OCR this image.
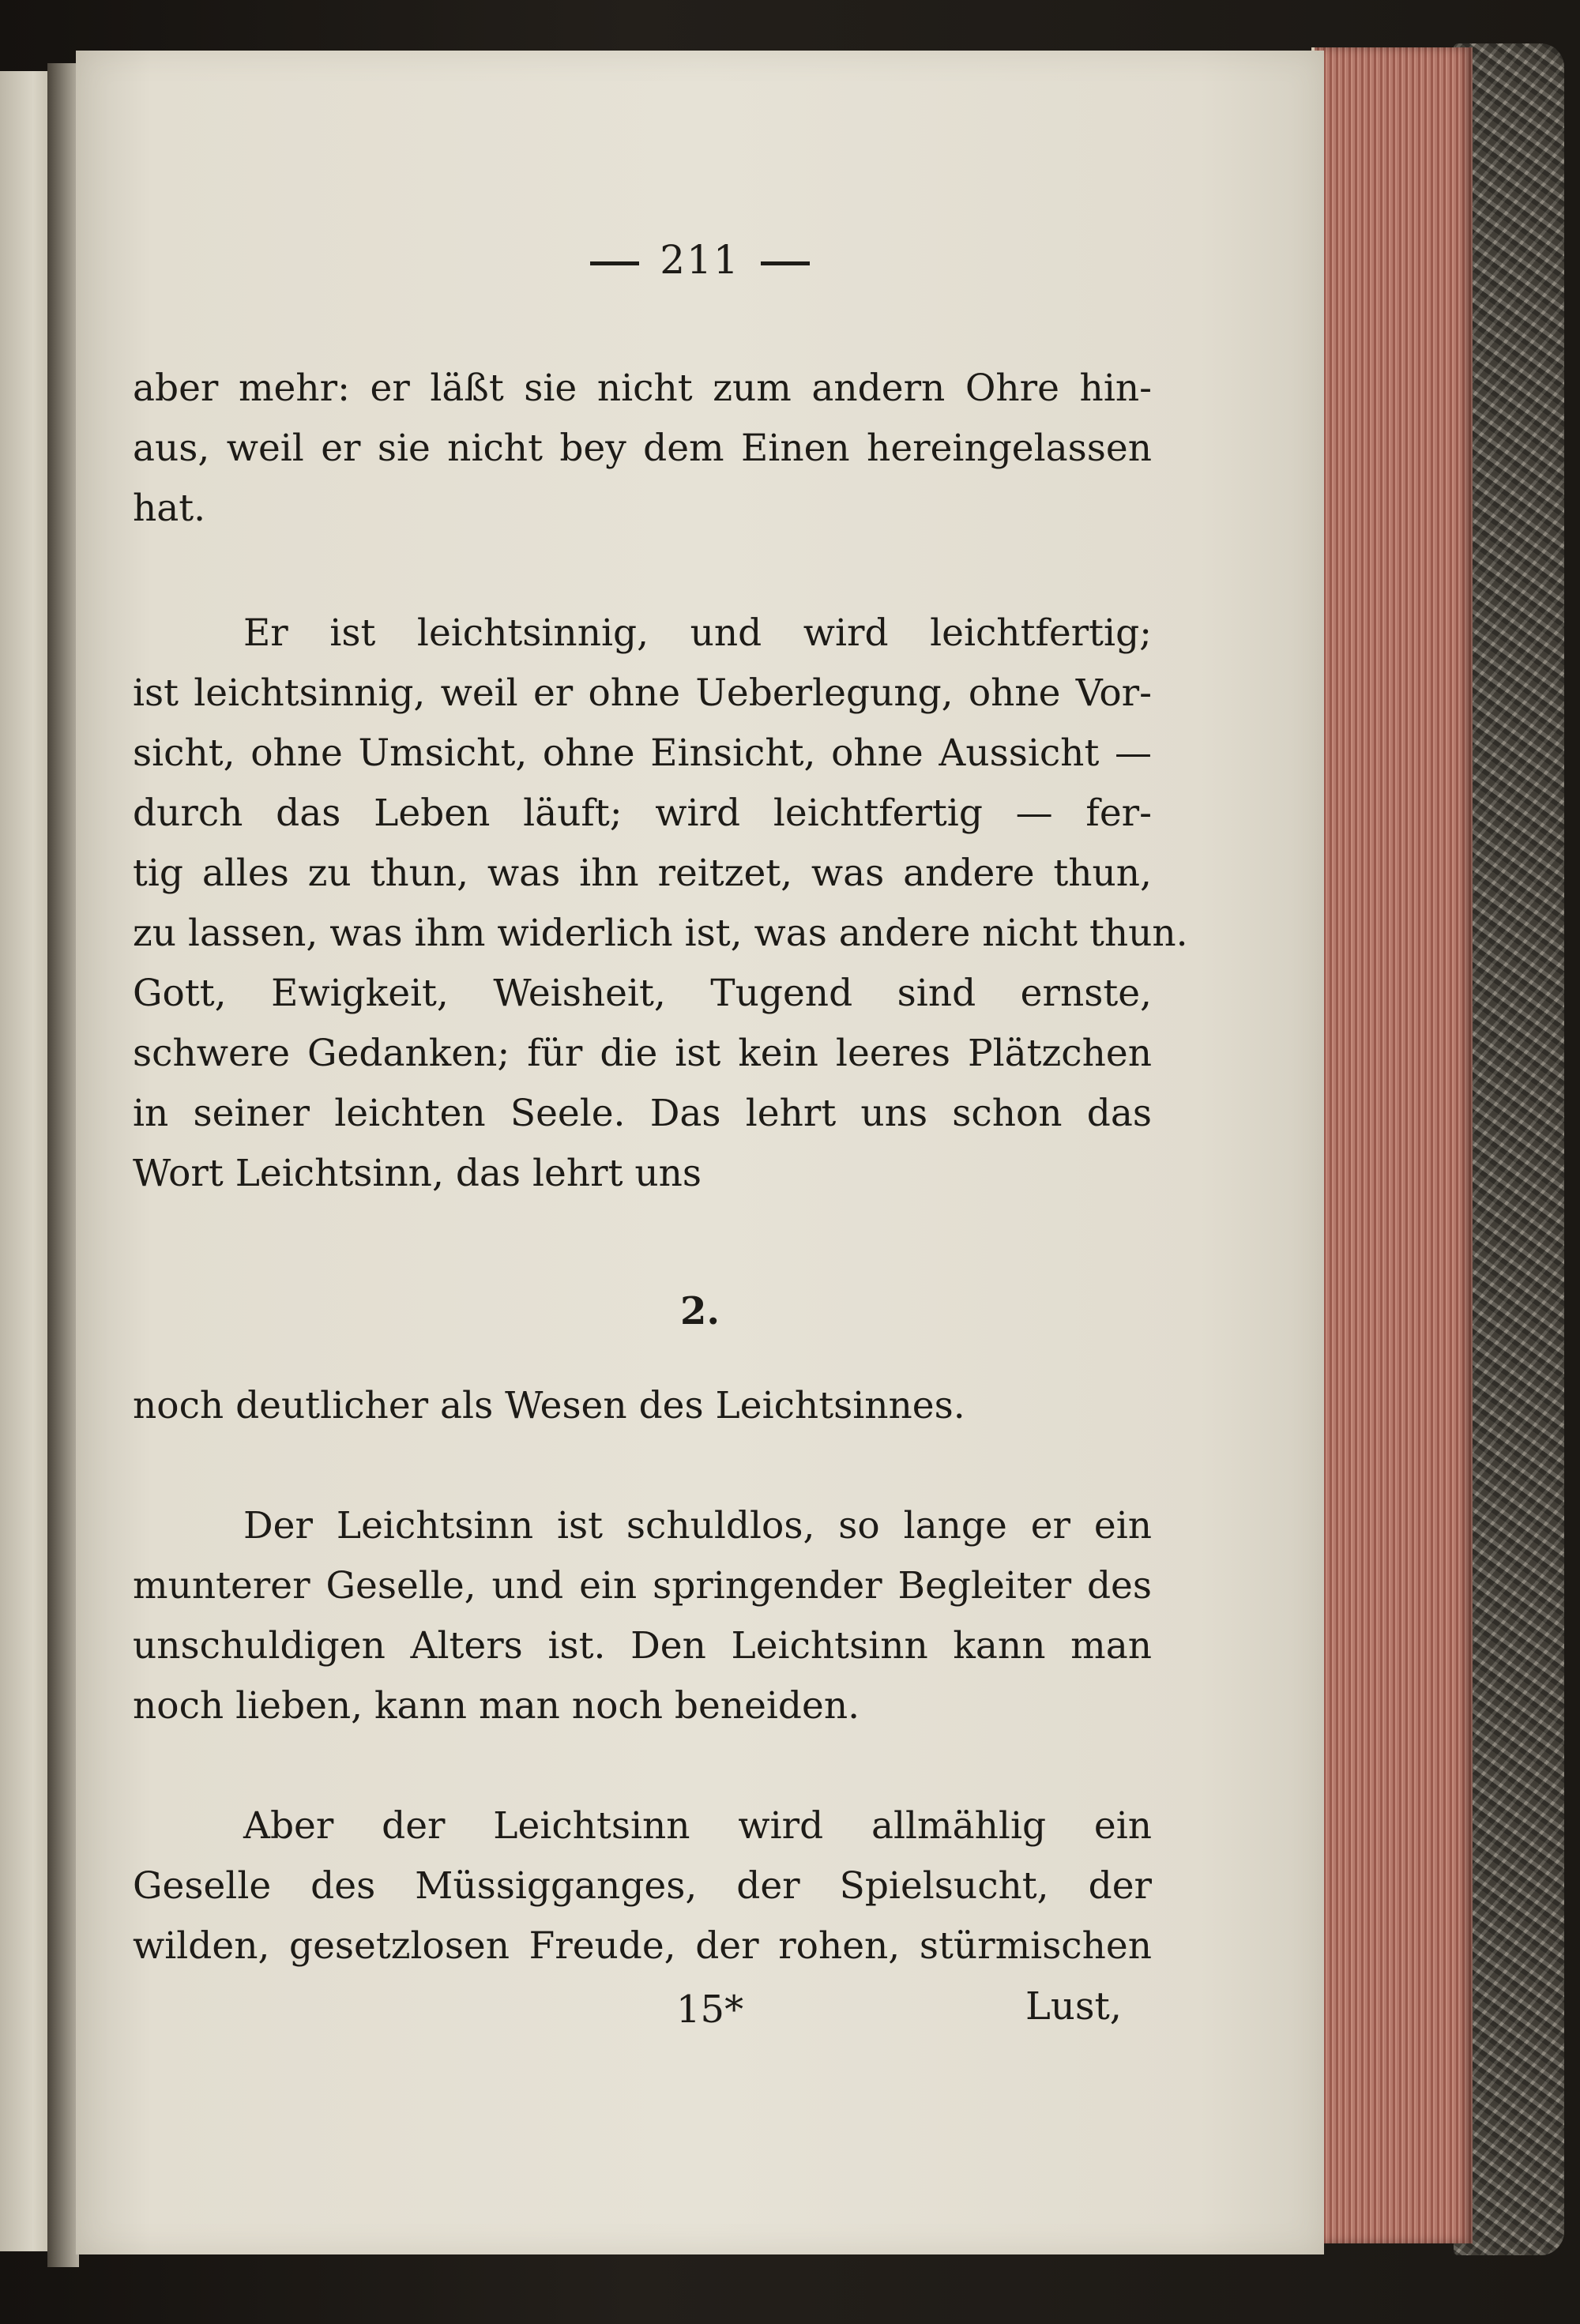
211
aber mehr: er läßt sie nicht zum andern Ohre hin-
aus, weil er sie nicht bey dem Einen hereingelassen
hat.
Er ist leichtsinnig, und wird leichtfertig;
ist leichtsinnig, weil er ohne Ueberlegung, ohne Vor-
sicht, ohne Umsicht, ohne Einsicht, ohne Aussicht —
durch das Leben läuft; wird leichtfertig — fer-
tig alles zu thun, was ihn reitzet, was andere thun,
zu lassen, was ihm widerlich ist, was andere nicht thun.
Gott, Ewigkeit, Weisheit, Tugend sind ernste,
schwere Gedanken; für die ist kein leeres Plätzchen
in seiner leichten Seele. Das lehrt uns schon das
Wort Leichtsinn, das lehrt uns
2.
noch deutlicher als Wesen des Leichtsinnes.
Der Leichtsinn ist schuldlos, so lange er ein
munterer Geselle, und ein springender Begleiter des
unschuldigen Alters ist. Den Leichtsinn kann man
noch lieben, kann man noch beneiden.
Aber der Leichtsinn wird allmählig ein
Geselle des Müssigganges, der Spielsucht, der
wilden, gesetzlosen Freude, der rohen, stürmischen
15*	Lust,
